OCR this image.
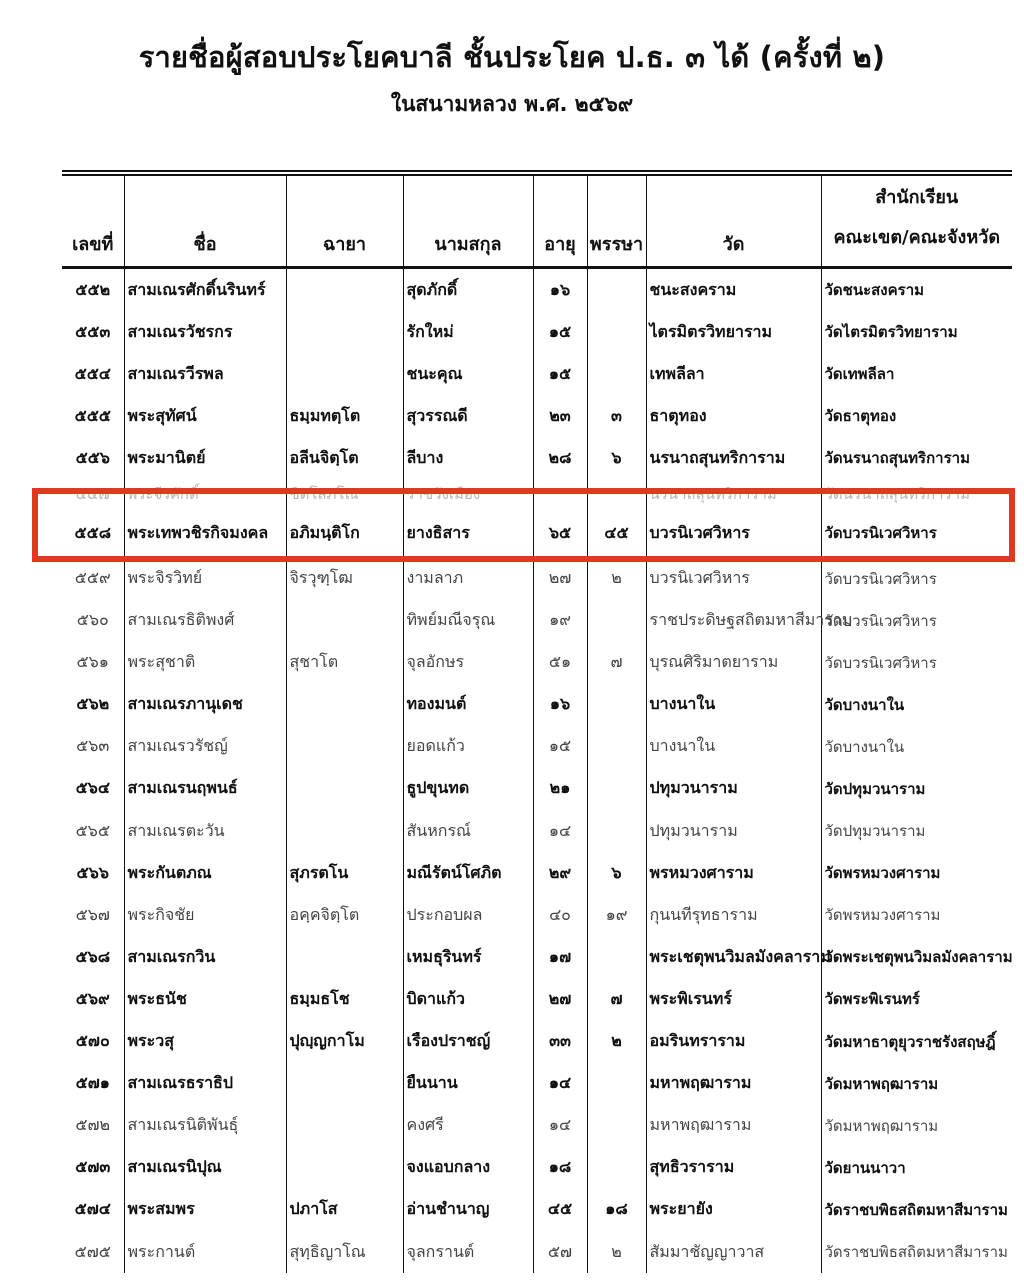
รายชื่อผู้สอบประโยคบาลี ชั้นประโยค ป.ธ. ๓ ได้ (ครั้งที่ ๒)
ในสนามหลวง พ.ศ. ๒๕๖๙
เลขที่	ชื่อ	ฉายา	นามสกุล	อายุ	พรรษา	วัด	สำนักเรียน
คณะเขต/คณะจังหวัด

๕๕๒	สามเณรศักดิ์นรินทร์		สุดภักดิ์	๑๖		ชนะสงคราม	วัดชนะสงคราม
๕๕๓	สามเณรวัชรกร		รักใหม่	๑๕		ไตรมิตรวิทยาราม	วัดไตรมิตรวิทยาราม
๕๕๔	สามเณรวีรพล		ชนะคุณ	๑๕		เทพลีลา	วัดเทพลีลา
๕๕๕	พระสุทัศน์	ธมฺมทตฺโต	สุวรรณดี	๒๓	๓	ธาตุทอง	วัดธาตุทอง
๕๕๖	พระมานิตย์	อลีนจิตฺโต	ลีบาง	๒๘	๖	นรนาถสุนทริการาม	วัดนรนาถสุนทริการาม
๕๕๗	พระจีรศักดิ์	ชิตโสภโณ	ราชวังเมือง			นรนาถสุนทริการาม	วัดนรนาถสุนทริการาม
๕๕๘	พระเทพวชิรกิจมงคล	อภิมนฺติโก	ยางธิสาร	๖๕	๔๕	บวรนิเวศวิหาร	วัดบวรนิเวศวิหาร
๕๕๙	พระจิรวิทย์	จิรวุฑฺโฒ	งามลาภ	๒๗	๒	บวรนิเวศวิหาร	วัดบวรนิเวศวิหาร
๕๖๐	สามเณรธิติพงศ์		ทิพย์มณีจรุณ	๑๙		ราชประดิษฐสถิตมหาสีมาราม	วัดบวรนิเวศวิหาร
๕๖๑	พระสุชาติ	สุชาโต	จุลอักษร	๕๑	๗	บุรณศิริมาตยาราม	วัดบวรนิเวศวิหาร
๕๖๒	สามเณรภานุเดช		ทองมนต์	๑๖		บางนาใน	วัดบางนาใน
๕๖๓	สามเณรวรัชญ์		ยอดแก้ว	๑๕		บางนาใน	วัดบางนาใน
๕๖๔	สามเณรนฤพนธ์		ธูปขุนทด	๒๑		ปทุมวนาราม	วัดปทุมวนาราม
๕๖๕	สามเณรตะวัน		สันหกรณ์	๑๔		ปทุมวนาราม	วัดปทุมวนาราม
๕๖๖	พระกันตภณ	สุภรตโน	มณีรัตน์โศภิต	๒๙	๖	พรหมวงศาราม	วัดพรหมวงศาราม
๕๖๗	พระกิจชัย	อคฺคจิตฺโต	ประกอบผล	๔๐	๑๙	กุนนทีรุทธาราม	วัดพรหมวงศาราม
๕๖๘	สามเณรกวิน		เหมธุรินทร์	๑๗		พระเชตุพนวิมลมังคลาราม	วัดพระเชตุพนวิมลมังคลาราม
๕๖๙	พระธนัช	ธมฺมธโช	บิดาแก้ว	๒๗	๗	พระพิเรนทร์	วัดพระพิเรนทร์
๕๗๐	พระวสุ	ปุญฺญกาโม	เรืองปราชญ์	๓๓	๒	อมรินทราราม	วัดมหาธาตุยุวราชรังสฤษฎิ์
๕๗๑	สามเณรธราธิป		ยืนนาน	๑๔		มหาพฤฒาราม	วัดมหาพฤฒาราม
๕๗๒	สามเณรนิติพันธุ์		คงศรี	๑๔		มหาพฤฒาราม	วัดมหาพฤฒาราม
๕๗๓	สามเณรนิปุณ		จงแอบกลาง	๑๘		สุทธิวราราม	วัดยานนาวา
๕๗๔	พระสมพร	ปภาโส	อ่านชำนาญ	๔๕	๑๘	พระยายัง	วัดราชบพิธสถิตมหาสีมาราม
๕๗๕	พระกานต์	สุทฺธิญาโณ	จุลกรานต์	๕๗	๒	สัมมาชัญญาวาส	วัดราชบพิธสถิตมหาสีมาราม
